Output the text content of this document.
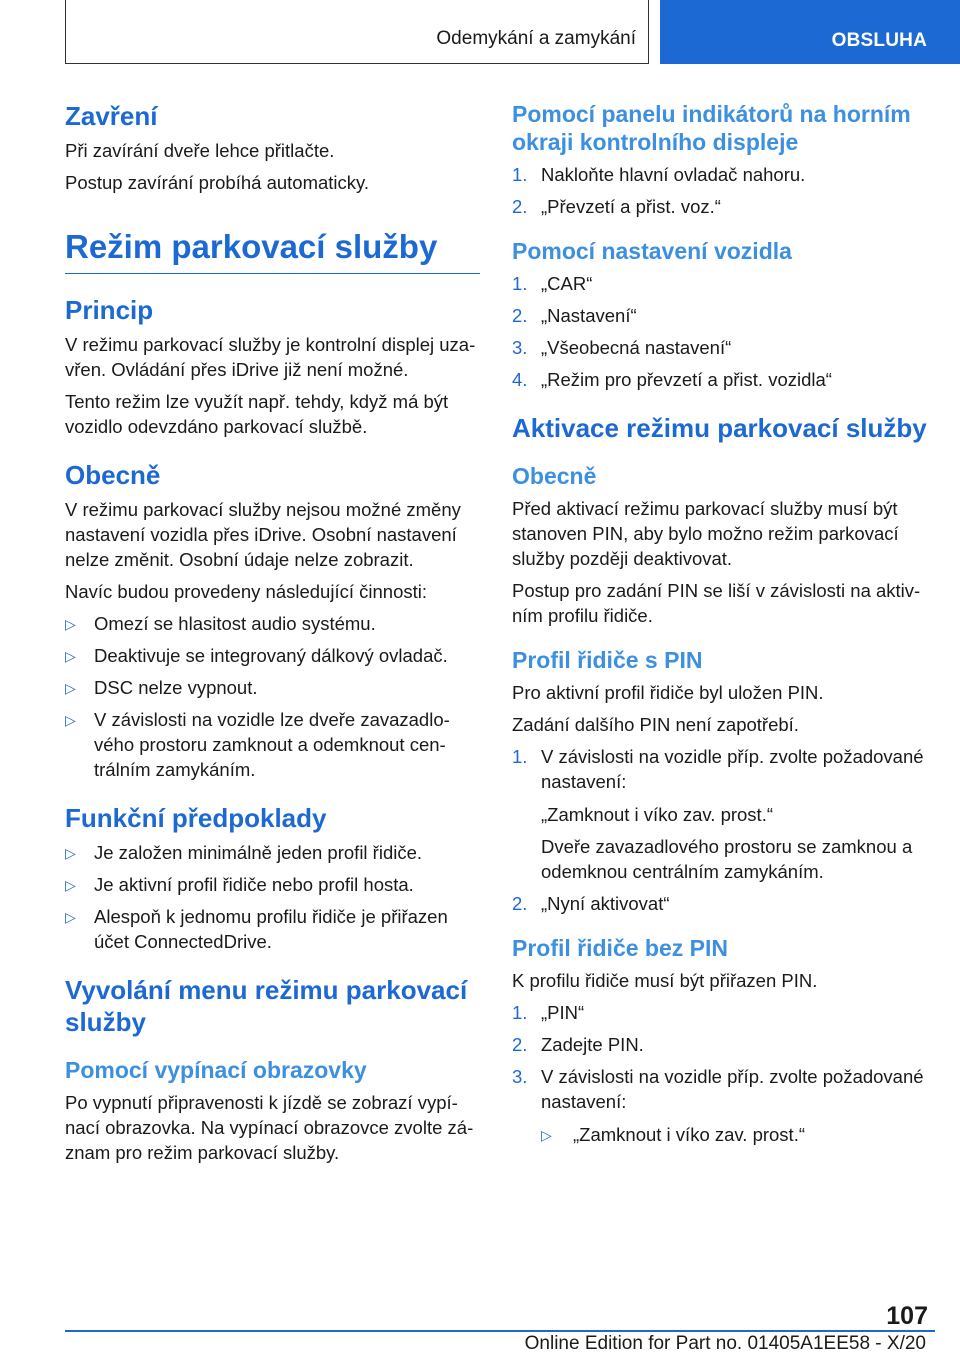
Odemykání a zamykání	OBSLUHA
Zavření

Při zavírání dveře lehce přitlačte.

Postup zavírání probíhá automaticky.

Režim parkovací služby
Princip

V režimu parkovací služby je kontrolní displej uzavřen. Ovládání přes iDrive již není možné.

Tento režim lze využít např. tehdy, když má být vozidlo odevzdáno parkovací službě.

Obecně

V režimu parkovací služby nejsou možné změny nastavení vozidla přes iDrive. Osobní nastavení nelze změnit. Osobní údaje nelze zobrazit.

Navíc budou provedeny následující činnosti:

▷ Omezí se hlasitost audio systému.
▷ Deaktivuje se integrovaný dálkový ovladač.
▷ DSC nelze vypnout.
▷ V závislosti na vozidle lze dveře zavazadlového prostoru zamknout a odemknout centrálním zamykáním.
Funkční předpoklady
▷ Je založen minimálně jeden profil řidiče.
▷ Je aktivní profil řidiče nebo profil hosta.
▷ Alespoň k jednomu profilu řidiče je přiřazen účet ConnectedDrive.
Vyvolání menu režimu parkovací služby
Pomocí vypínací obrazovky

Po vypnutí připravenosti k jízdě se zobrazí vypínací obrazovka. Na vypínací obrazovce zvolte záznam pro režim parkovací služby.

Pomocí panelu indikátorů na horním okraji kontrolního displeje
1. Nakloňte hlavní ovladač nahoru.
2. „Převzetí a přist. voz.“
Pomocí nastavení vozidla
1. „CAR“
2. „Nastavení“
3. „Všeobecná nastavení“
4. „Režim pro převzetí a přist. vozidla“
Aktivace režimu parkovací služby
Obecně

Před aktivací režimu parkovací služby musí být stanoven PIN, aby bylo možno režim parkovací služby později deaktivovat.

Postup pro zadání PIN se liší v závislosti na aktivním profilu řidiče.

Profil řidiče s PIN

Pro aktivní profil řidiče byl uložen PIN.

Zadání dalšího PIN není zapotřebí.

1. V závislosti na vozidle příp. zvolte požadované nastavení:

„Zamknout i víko zav. prost.“

Dveře zavazadlového prostoru se zamknou a odemknou centrálním zamykáním.

2. „Nyní aktivovat“
Profil řidiče bez PIN

K profilu řidiče musí být přiřazen PIN.

1. „PIN“
2. Zadejte PIN.
3. V závislosti na vozidle příp. zvolte požadované nastavení:
▷ „Zamknout i víko zav. prost.“
107
Online Edition for Part no. 01405A1EE58 - X/20
